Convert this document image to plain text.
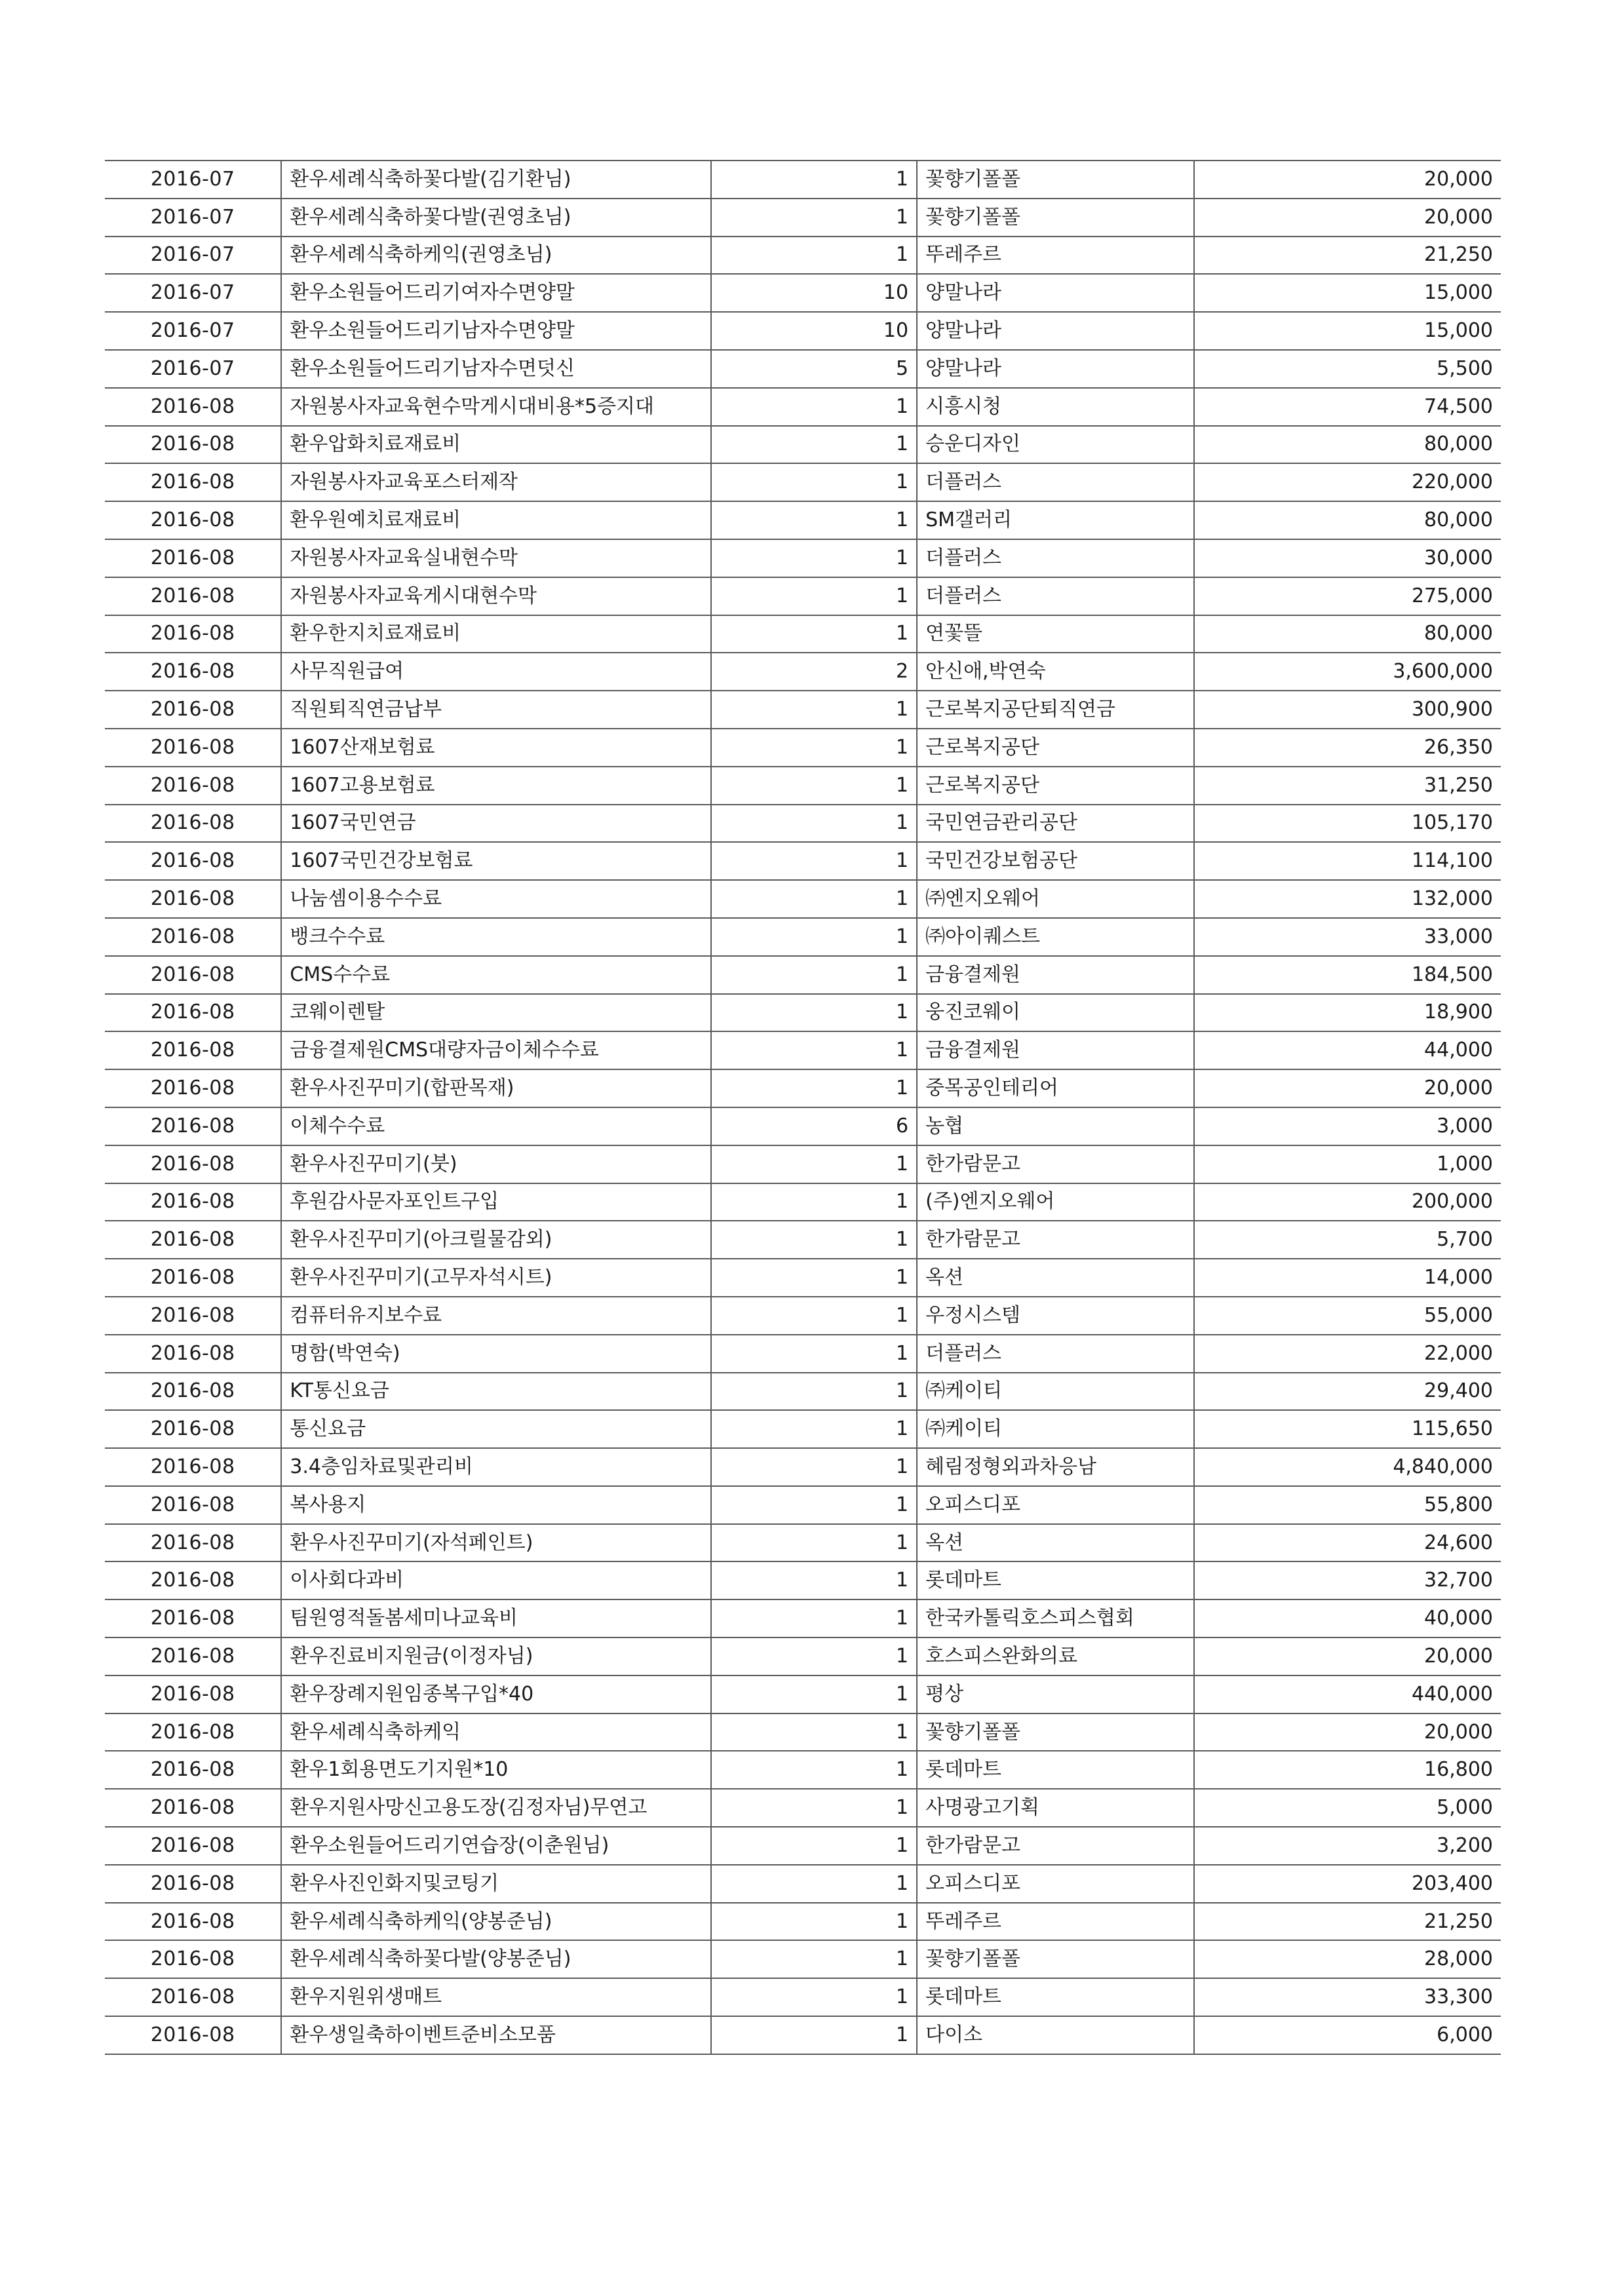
2016-07	환우세례식축하꽃다발(김기환님)	1	꽃향기폴폴	20,000
2016-07	환우세례식축하꽃다발(권영초님)	1	꽃향기폴폴	20,000
2016-07	환우세례식축하케익(권영초님)	1	뚜레주르	21,250
2016-07	환우소원들어드리기여자수면양말	10	양말나라	15,000
2016-07	환우소원들어드리기남자수면양말	10	양말나라	15,000
2016-07	환우소원들어드리기남자수면덧신	5	양말나라	5,500
2016-08	자원봉사자교육현수막게시대비용*5증지대	1	시흥시청	74,500
2016-08	환우압화치료재료비	1	승운디자인	80,000
2016-08	자원봉사자교육포스터제작	1	더플러스	220,000
2016-08	환우원예치료재료비	1	SM갤러리	80,000
2016-08	자원봉사자교육실내현수막	1	더플러스	30,000
2016-08	자원봉사자교육게시대현수막	1	더플러스	275,000
2016-08	환우한지치료재료비	1	연꽃뜰	80,000
2016-08	사무직원급여	2	안신애,박연숙	3,600,000
2016-08	직원퇴직연금납부	1	근로복지공단퇴직연금	300,900
2016-08	1607산재보험료	1	근로복지공단	26,350
2016-08	1607고용보험료	1	근로복지공단	31,250
2016-08	1607국민연금	1	국민연금관리공단	105,170
2016-08	1607국민건강보험료	1	국민건강보험공단	114,100
2016-08	나눔셈이용수수료	1	㈜엔지오웨어	132,000
2016-08	뱅크수수료	1	㈜아이퀘스트	33,000
2016-08	CMS수수료	1	금융결제원	184,500
2016-08	코웨이렌탈	1	웅진코웨이	18,900
2016-08	금융결제원CMS대량자금이체수수료	1	금융결제원	44,000
2016-08	환우사진꾸미기(합판목재)	1	중목공인테리어	20,000
2016-08	이체수수료	6	농협	3,000
2016-08	환우사진꾸미기(붓)	1	한가람문고	1,000
2016-08	후원감사문자포인트구입	1	(주)엔지오웨어	200,000
2016-08	환우사진꾸미기(아크릴물감외)	1	한가람문고	5,700
2016-08	환우사진꾸미기(고무자석시트)	1	옥션	14,000
2016-08	컴퓨터유지보수료	1	우정시스템	55,000
2016-08	명함(박연숙)	1	더플러스	22,000
2016-08	KT통신요금	1	㈜케이티	29,400
2016-08	통신요금	1	㈜케이티	115,650
2016-08	3.4층임차료및관리비	1	혜림정형외과차응남	4,840,000
2016-08	복사용지	1	오피스디포	55,800
2016-08	환우사진꾸미기(자석페인트)	1	옥션	24,600
2016-08	이사회다과비	1	롯데마트	32,700
2016-08	팀원영적돌봄세미나교육비	1	한국카톨릭호스피스협회	40,000
2016-08	환우진료비지원금(이정자님)	1	호스피스완화의료	20,000
2016-08	환우장례지원임종복구입*40	1	평상	440,000
2016-08	환우세례식축하케익	1	꽃향기폴폴	20,000
2016-08	환우1회용면도기지원*10	1	롯데마트	16,800
2016-08	환우지원사망신고용도장(김정자님)무연고	1	사명광고기획	5,000
2016-08	환우소원들어드리기연습장(이춘원님)	1	한가람문고	3,200
2016-08	환우사진인화지및코팅기	1	오피스디포	203,400
2016-08	환우세례식축하케익(양봉준님)	1	뚜레주르	21,250
2016-08	환우세례식축하꽃다발(양봉준님)	1	꽃향기폴폴	28,000
2016-08	환우지원위생매트	1	롯데마트	33,300
2016-08	환우생일축하이벤트준비소모품	1	다이소	6,000
